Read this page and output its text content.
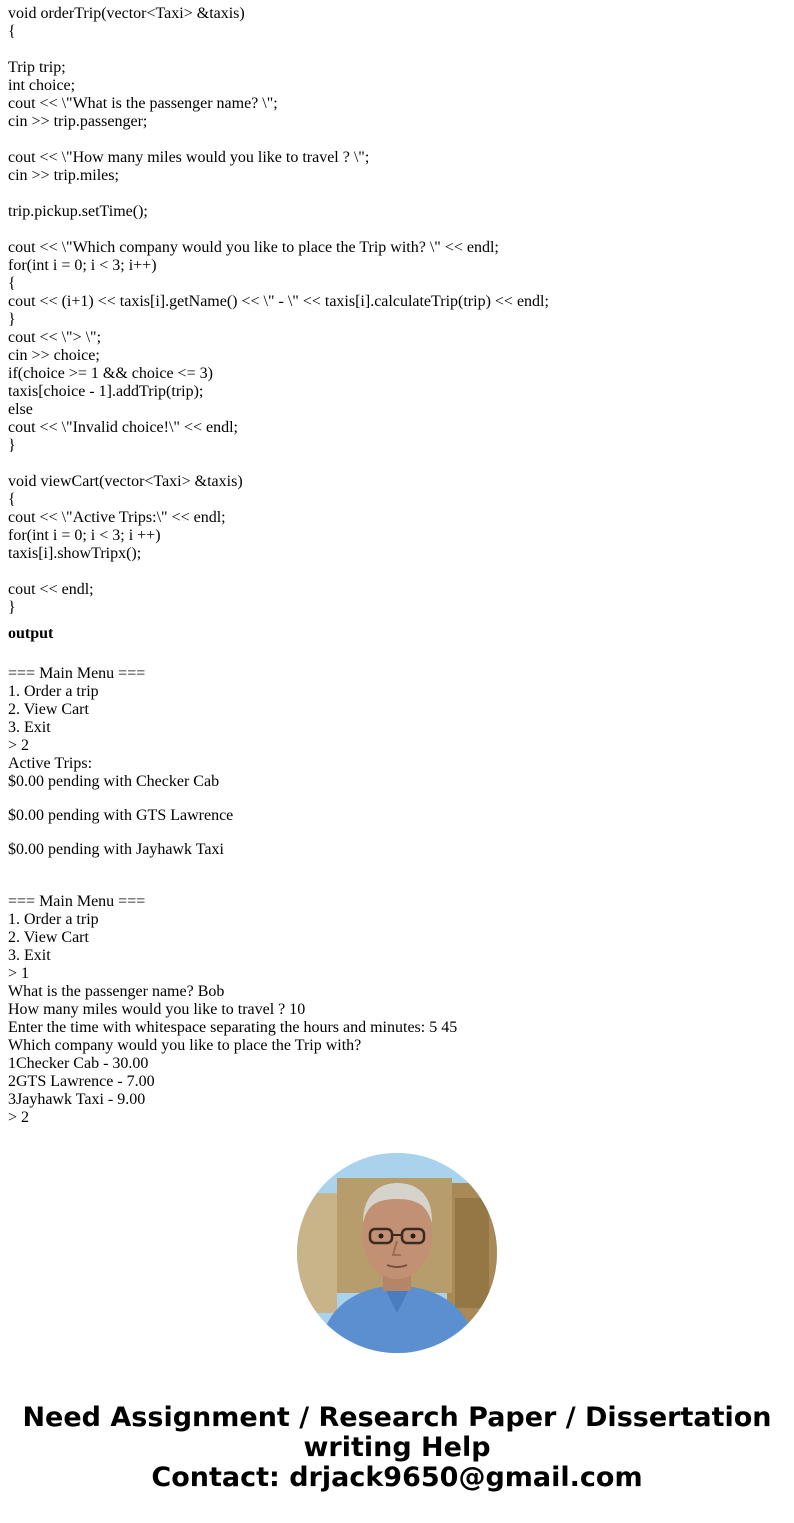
void orderTrip(vector<Taxi> &taxis)
{
Trip trip;
int choice;
cout << \"What is the passenger name? \";
cin >> trip.passenger;
cout << \"How many miles would you like to travel ? \";
cin >> trip.miles;
trip.pickup.setTime();
cout << \"Which company would you like to place the Trip with? \" << endl;
for(int i = 0; i < 3; i++)
{
cout << (i+1) << taxis[i].getName() << \" - \" << taxis[i].calculateTrip(trip) << endl;
}
cout << \"> \";
cin >> choice;
if(choice >= 1 && choice <= 3)
taxis[choice - 1].addTrip(trip);
else
cout << \"Invalid choice!\" << endl;
}
void viewCart(vector<Taxi> &taxis)
{
cout << \"Active Trips:\" << endl;
for(int i = 0; i < 3; i ++)
taxis[i].showTripx();
cout << endl;
}
output
=== Main Menu ===
1. Order a trip
2. View Cart
3. Exit
> 2
Active Trips:
$0.00 pending with Checker Cab
$0.00 pending with GTS Lawrence
$0.00 pending with Jayhawk Taxi
=== Main Menu ===
1. Order a trip
2. View Cart
3. Exit
> 1
What is the passenger name? Bob
How many miles would you like to travel ? 10
Enter the time with whitespace separating the hours and minutes: 5 45
Which company would you like to place the Trip with?
1Checker Cab - 30.00
2GTS Lawrence - 7.00
3Jayhawk Taxi - 9.00
> 2
Need Assignment / Research Paper / Dissertation
writing Help
Contact: drjack9650@gmail.com
